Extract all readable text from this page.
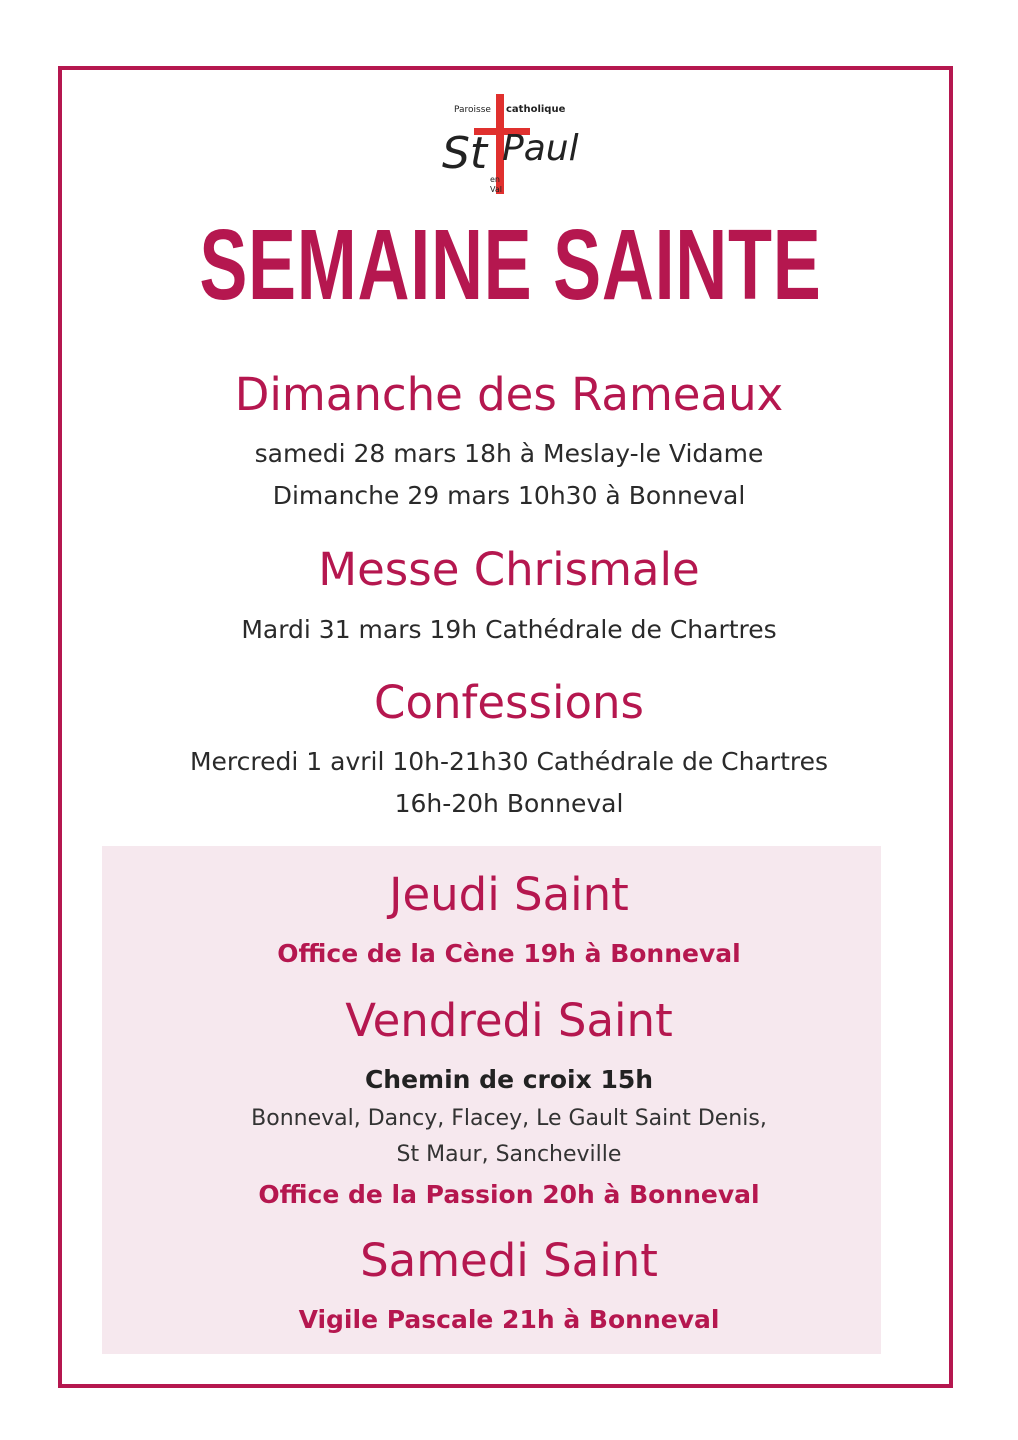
Paroisse catholique
St Paul
en
Val
SEMAINE SAINTE
Dimanche des Rameaux
samedi 28 mars 18h à Meslay-le Vidame
Dimanche 29 mars 10h30 à Bonneval
Messe Chrismale
Mardi 31 mars 19h Cathédrale de Chartres
Confessions
Mercredi 1 avril 10h-21h30 Cathédrale de Chartres
16h-20h Bonneval
Jeudi Saint
Office de la Cène 19h à Bonneval
Vendredi Saint
Chemin de croix 15h
Bonneval, Dancy, Flacey, Le Gault Saint Denis,
St Maur, Sancheville
Office de la Passion 20h à Bonneval
Samedi Saint
Vigile Pascale 21h à Bonneval
